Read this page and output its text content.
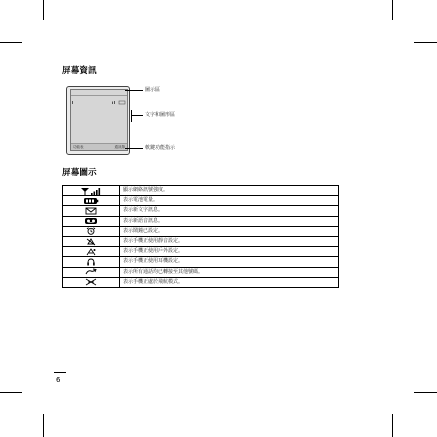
屏幕資訊
功能表	通訊錄
圖示區
文字和圖形區
軟鍵功能指示
屏幕圖示
	顯示網絡訊號強度。

	表示電池電量。

	表示新文字訊息。

	表示新語音訊息。

	表示鬧鐘已設定。

	表示手機正使用靜音設定。

	表示手機正使用戶外設定。

	表示手機正使用耳機設定。

	表示所有通話均已轉接至其他號碼。

	表示手機正處於飛航模式。
6
